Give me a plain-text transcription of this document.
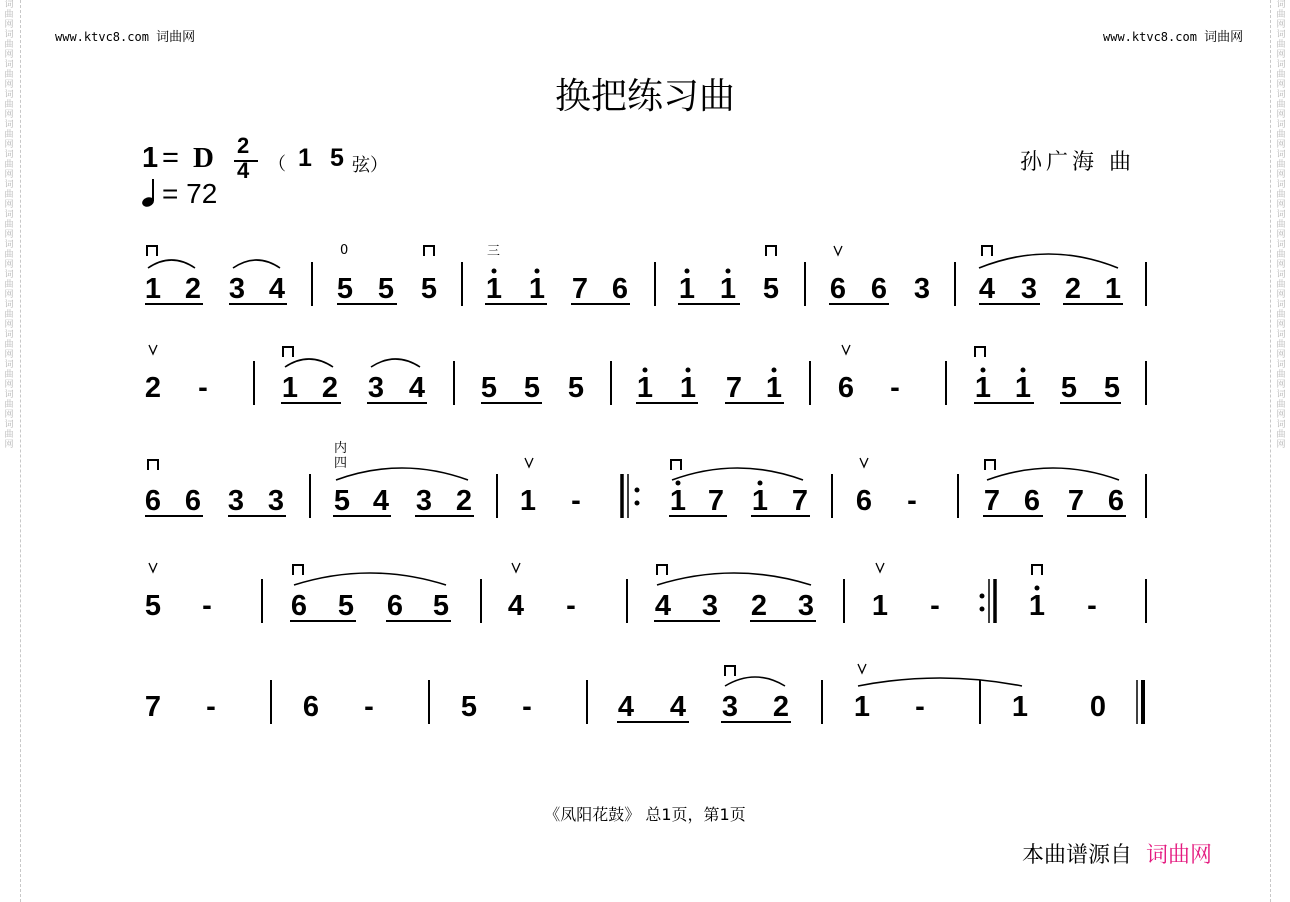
词
曲
网
词
曲
网
词
曲
网
词
曲
网
词
曲
网
词
曲
网
词
曲
网
词
曲
网
词
曲
网
词
曲
网
词
曲
网
词
曲
网
词
曲
网
词
曲
网
词
曲
网

词
曲
网
词
曲
网
词
曲
网
词
曲
网
词
曲
网
词
曲
网
词
曲
网
词
曲
网
词
曲
网
词
曲
网
词
曲
网
词
曲
网
词
曲
网
词
曲
网
词
曲
网

www.ktvc8.com 词曲网	www.ktvc8.com 词曲网
换把练习曲
1 = D 2
4 （ 1 5 弦）
= 72
孙广海 曲
1 2 3 4 5 5 5 1 1 7 6 1 1 5 6 6 3 4 3 2 1
2 -	1 2 3 4 5 5 5 1 1 7 1 6 -	1 1 5 5
6 6 3 3 5 4 3 2 1 -	1 7 1 7 6 - 7 6 7 6
5 -	6 5 6 5 4 -	4 3 2 3 1 -	1 -
7 -	6 -	5 -	4 4 3 2 1 -	1 0
0	三
内
四
《凤阳花鼓》 总1页，第1页
本曲谱源自 词曲网
